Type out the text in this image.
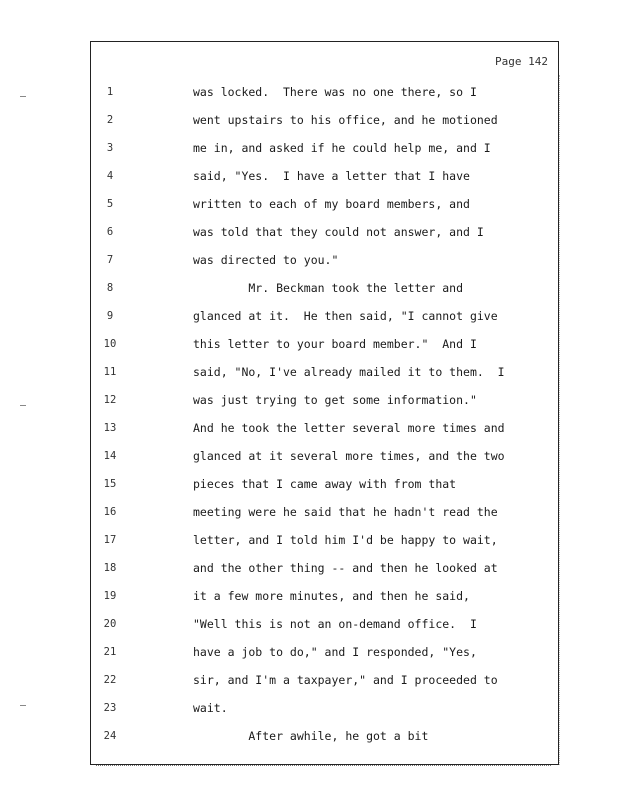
Page 142
1	was locked.  There was no one there, so I
2	went upstairs to his office, and he motioned
3	me in, and asked if he could help me, and I
4	said, "Yes.  I have a letter that I have
5	written to each of my board members, and
6	was told that they could not answer, and I
7	was directed to you."
8	Mr. Beckman took the letter and
9	glanced at it.  He then said, "I cannot give
10	this letter to your board member."  And I
11	said, "No, I've already mailed it to them.  I
12	was just trying to get some information."
13	And he took the letter several more times and
14	glanced at it several more times, and the two
15	pieces that I came away with from that
16	meeting were he said that he hadn't read the
17	letter, and I told him I'd be happy to wait,
18	and the other thing -- and then he looked at
19	it a few more minutes, and then he said,
20	"Well this is not an on-demand office.  I
21	have a job to do," and I responded, "Yes,
22	sir, and I'm a taxpayer," and I proceeded to
23	wait.
24	After awhile, he got a bit
